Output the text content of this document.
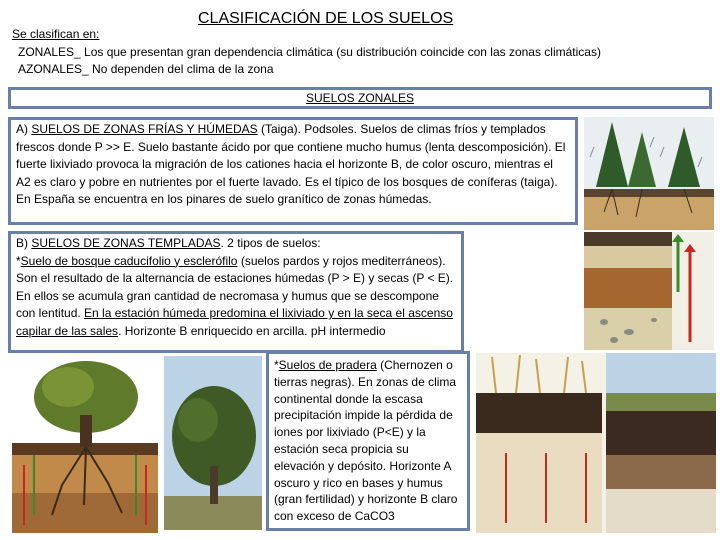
CLASIFICACIÓN DE LOS SUELOS
Se clasifican en:
ZONALES_ Los que presentan gran dependencia climática (su distribución coincide con las zonas climáticas)
AZONALES_ No dependen del clima de la zona
SUELOS ZONALES
A) SUELOS DE ZONAS FRÍAS Y HÚMEDAS (Taiga). Podsoles. Suelos de climas fríos y templados frescos donde P >> E. Suelo bastante ácido por que contiene mucho humus (lenta descomposición). El fuerte lixiviado provoca la migración de los cationes hacia el horizonte B, de color oscuro, mientras el A2 es claro y pobre en nutrientes por el fuerte lavado. Es el típico de los bosques de coníferas (taiga). En España se encuentra en los pinares de suelo granítico de zonas húmedas.
B) SUELOS DE ZONAS TEMPLADAS. 2 tipos de suelos:
*Suelo de bosque caducifolio y esclerófilo (suelos pardos y rojos mediterráneos). Son el resultado de la alternancia de estaciones húmedas (P > E) y secas (P < E). En ellos se acumula gran cantidad de necromasa y humus que se descompone con lentitud. En la estación húmeda predomina el lixiviado y en la seca el ascenso capilar de las sales. Horizonte B enriquecido en arcilla. pH intermedio
*Suelos de pradera (Chernozen o tierras negras). En zonas de clima continental donde la escasa precipitación impide la pérdida de iones por lixiviado (P<E) y la estación seca propicia su elevación y depósito. Horizonte A oscuro y rico en bases y humus (gran fertilidad) y horizonte B claro con exceso de CaCO3
